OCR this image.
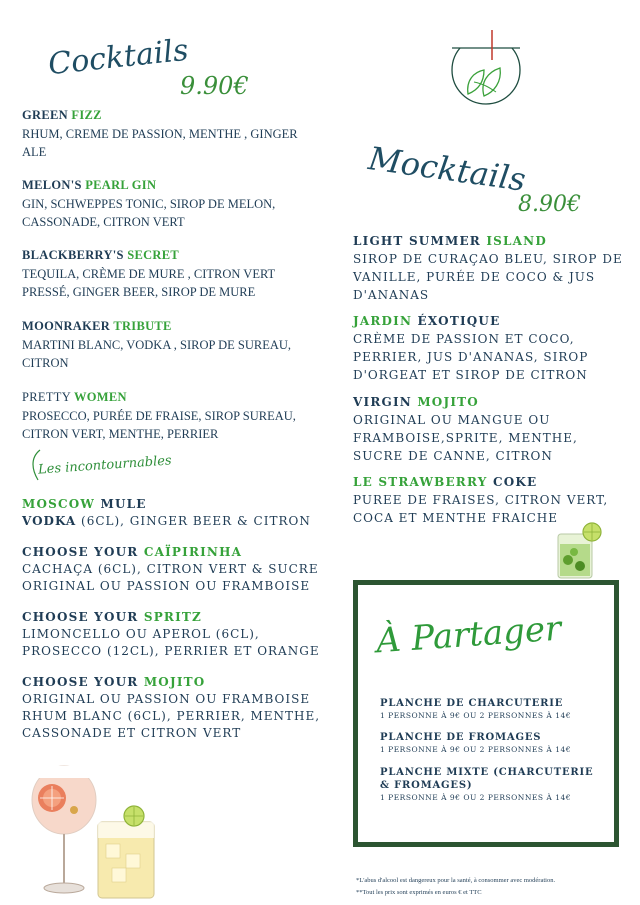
Cocktails
9.90€
GREEN FIZZ
RHUM, CREME DE PASSION, MENTHE , GINGER ALE
MELON'S PEARL GIN
GIN, SCHWEPPES TONIC, SIROP DE MELON, CASSONADE, CITRON VERT
BLACKBERRY'S SECRET
TEQUILA, CRÈME DE MURE , CITRON VERT PRESSÉ, GINGER BEER, SIROP DE MURE
MOONRAKER TRIBUTE
MARTINI BLANC, VODKA , SIROP DE SUREAU, CITRON
PRETTY WOMEN
PROSECCO, PURÉE DE FRAISE, SIROP SUREAU, CITRON VERT, MENTHE, PERRIER
Les incontournables
MOSCOW MULE
VODKA (6CL), GINGER BEER & CITRON
CHOOSE YOUR CAÏPIRINHA
CACHAÇA (6CL), CITRON VERT & SUCRE ORIGINAL OU PASSION OU FRAMBOISE
CHOOSE YOUR SPRITZ
LIMONCELLO OU APEROL (6CL), PROSECCO (12CL), PERRIER ET ORANGE
CHOOSE YOUR MOJITO
ORIGINAL OU PASSION OU FRAMBOISE RHUM BLANC (6CL), PERRIER, MENTHE, CASSONADE ET CITRON VERT
Mocktails
8.90€
LIGHT SUMMER ISLAND
SIROP DE CURAÇAO BLEU, SIROP DE VANILLE, PURÉE DE COCO & JUS D'ANANAS
JARDIN ÉXOTIQUE
CRÈME DE PASSION ET COCO, PERRIER, JUS D'ANANAS, SIROP D'ORGEAT ET SIROP DE CITRON
VIRGIN MOJITO
ORIGINAL OU MANGUE OU FRAMBOISE,SPRITE, MENTHE, SUCRE DE CANNE, CITRON
LE STRAWBERRY COKE
PUREE DE FRAISES, CITRON VERT, COCA ET MENTHE FRAICHE
À Partager
PLANCHE DE CHARCUTERIE
1 PERSONNE À 9€ OU 2 PERSONNES À 14€
PLANCHE DE FROMAGES
1 PERSONNE À 9€ OU 2 PERSONNES À 14€
PLANCHE MIXTE (CHARCUTERIE & FROMAGES)
1 PERSONNE À 9€ OU 2 PERSONNES À 14€
*L'abus d'alcool est dangereux pour la santé, à consommer avec modération.
**Tout les prix sont exprimés en euros € et TTC
